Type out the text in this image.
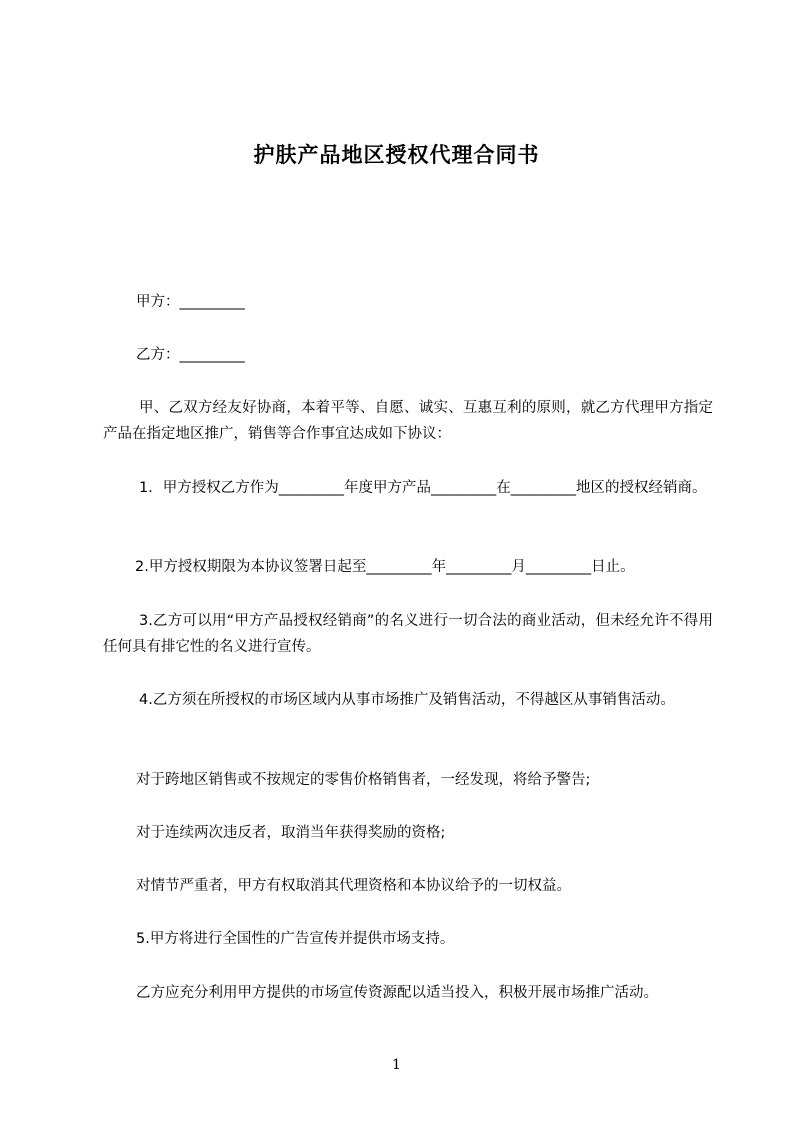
护肤产品地区授权代理合同书

甲方：_________

乙方：_________

甲、乙双方经友好协商，本着平等、自愿、诚实、互惠互利的原则，就乙方代理甲方指定产品在指定地区推广，销售等合作事宜达成如下协议：

1．甲方授权乙方作为_________年度甲方产品_________在_________地区的授权经销商。

2.甲方授权期限为本协议签署日起至_________年_________月_________日止。

3.乙方可以用“甲方产品授权经销商”的名义进行一切合法的商业活动，但未经允许不得用任何具有排它性的名义进行宣传。

4.乙方须在所授权的市场区域内从事市场推广及销售活动，不得越区从事销售活动。

对于跨地区销售或不按规定的零售价格销售者，一经发现，将给予警告;

对于连续两次违反者，取消当年获得奖励的资格;

对情节严重者，甲方有权取消其代理资格和本协议给予的一切权益。

5.甲方将进行全国性的广告宣传并提供市场支持。

乙方应充分利用甲方提供的市场宣传资源配以适当投入，积极开展市场推广活动。

1
